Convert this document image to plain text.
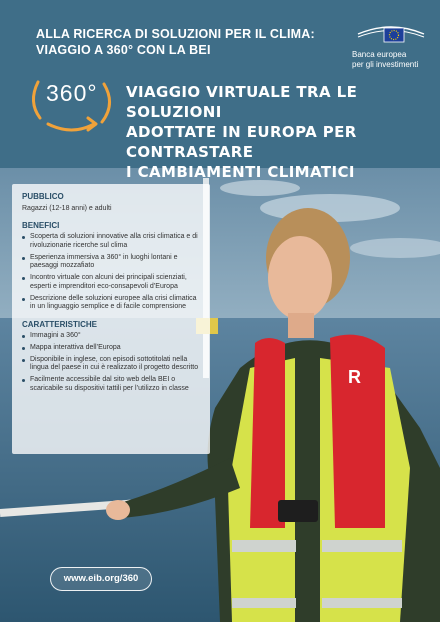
R
ALLA RICERCA DI SOLUZIONI PER IL CLIMA:
VIAGGIO A 360° CON LA BEI	Banca europea
per gli investimenti
360° VIAGGIO VIRTUALE TRA LE SOLUZIONI
ADOTTATE IN EUROPA PER CONTRASTARE
I CAMBIAMENTI CLIMATICI
PUBBLICO
Ragazzi (12-18 anni) e adulti
BENEFICI
Scoperta di soluzioni innovative alla crisi climatica e di rivoluzionarie ricerche sul clima
Esperienza immersiva a 360° in luoghi lontani e paesaggi mozzafiato
Incontro virtuale con alcuni dei principali scienziati, esperti e imprenditori eco-consapevoli d’Europa
Descrizione delle soluzioni europee alla crisi climatica in un linguaggio semplice e di facile comprensione
CARATTERISTICHE
Immagini a 360°
Mappa interattiva dell’Europa
Disponibile in inglese, con episodi sottotitolati nella lingua del paese in cui è realizzato il progetto descritto
Facilmente accessibile dal sito web della BEI o scaricabile su dispositivi tattili per l’utilizzo in classe
www.eib.org/360
